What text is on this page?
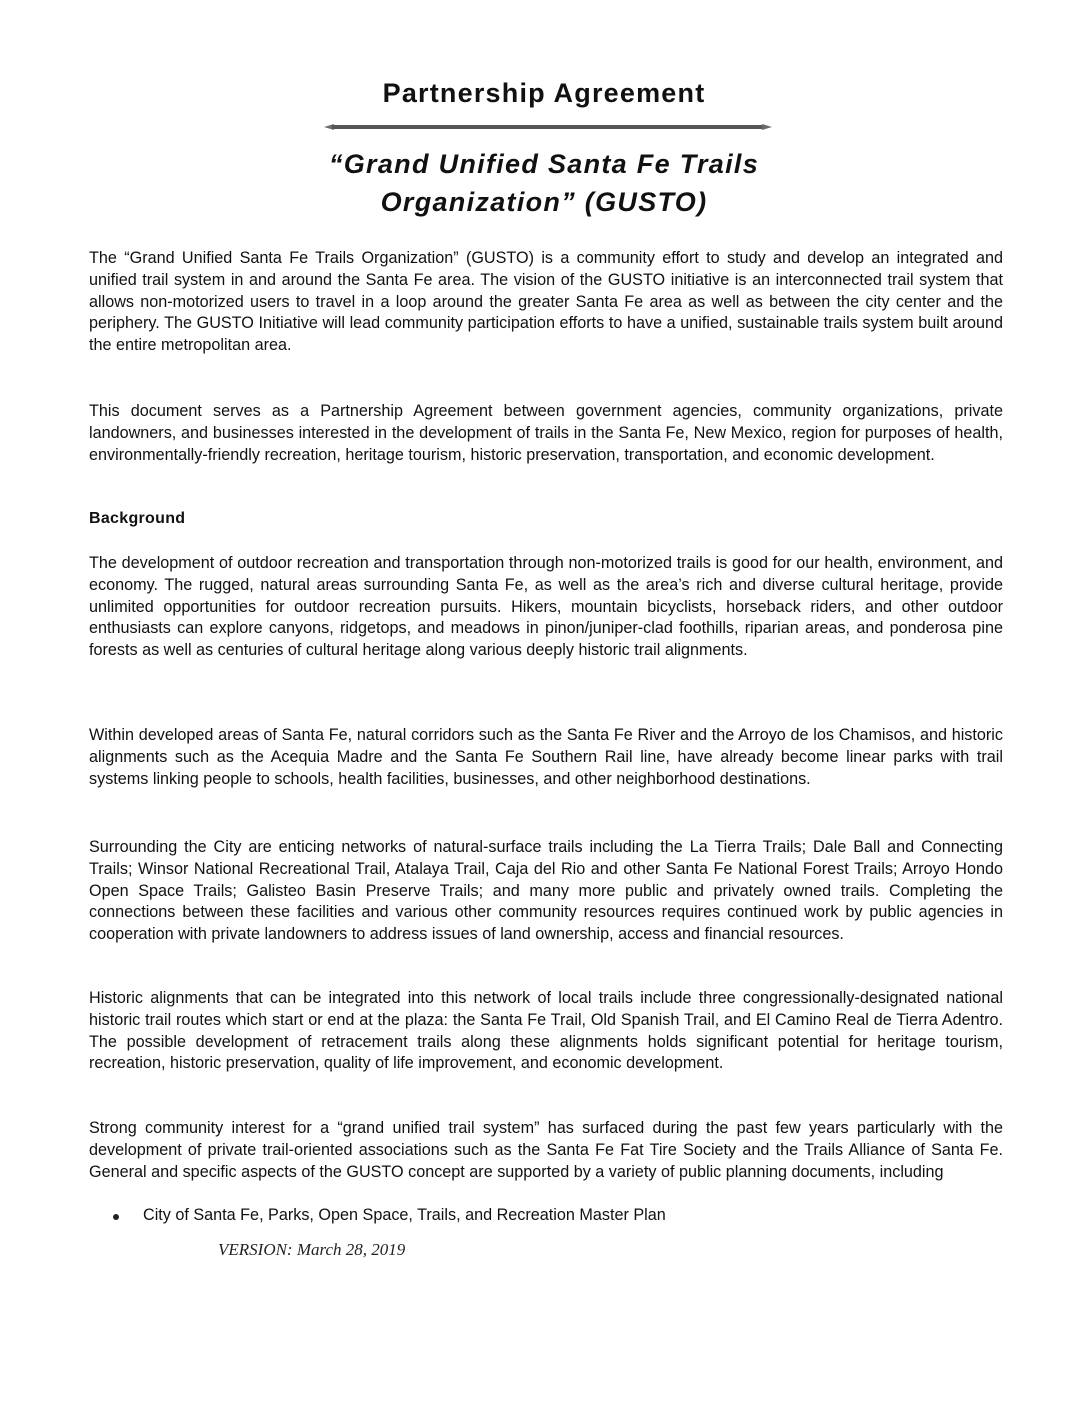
Partnership Agreement
“Grand Unified Santa Fe Trails
Organization” (GUSTO)

The “Grand Unified Santa Fe Trails Organization” (GUSTO) is a community effort to study and develop an integrated and unified trail system in and around the Santa Fe area. The vision of the GUSTO initiative is an interconnected trail system that allows non-motorized users to travel in a loop around the greater Santa Fe area as well as between the city center and the periphery. The GUSTO Initiative will lead community participation efforts to have a unified, sustainable trails system built around the entire metropolitan area.

This document serves as a Partnership Agreement between government agencies, community organizations, private landowners, and businesses interested in the development of trails in the Santa Fe, New Mexico, region for purposes of health, environmentally-friendly recreation, heritage tourism, historic preservation, transportation, and economic development.

Background

The development of outdoor recreation and transportation through non-motorized trails is good for our health, environment, and economy. The rugged, natural areas surrounding Santa Fe, as well as the area’s rich and diverse cultural heritage, provide unlimited opportunities for outdoor recreation pursuits. Hikers, mountain bicyclists, horseback riders, and other outdoor enthusiasts can explore canyons, ridgetops, and meadows in pinon/juniper-clad foothills, riparian areas, and ponderosa pine forests as well as centuries of cultural heritage along various deeply historic trail alignments.

Within developed areas of Santa Fe, natural corridors such as the Santa Fe River and the Arroyo de los Chamisos, and historic alignments such as the Acequia Madre and the Santa Fe Southern Rail line, have already become linear parks with trail systems linking people to schools, health facilities, businesses, and other neighborhood destinations.

Surrounding the City are enticing networks of natural-surface trails including the La Tierra Trails; Dale Ball and Connecting Trails; Winsor National Recreational Trail, Atalaya Trail, Caja del Rio and other Santa Fe National Forest Trails; Arroyo Hondo Open Space Trails; Galisteo Basin Preserve Trails; and many more public and privately owned trails. Completing the connections between these facilities and various other community resources requires continued work by public agencies in cooperation with private landowners to address issues of land ownership, access and financial resources.

Historic alignments that can be integrated into this network of local trails include three congressionally-designated national historic trail routes which start or end at the plaza: the Santa Fe Trail, Old Spanish Trail, and El Camino Real de Tierra Adentro. The possible development of retracement trails along these alignments holds significant potential for heritage tourism, recreation, historic preservation, quality of life improvement, and economic development.

Strong community interest for a “grand unified trail system” has surfaced during the past few years particularly with the development of private trail-oriented associations such as the Santa Fe Fat Tire Society and the Trails Alliance of Santa Fe. General and specific aspects of the GUSTO concept are supported by a variety of public planning documents, including

City of Santa Fe, Parks, Open Space, Trails, and Recreation Master Plan

VERSION: March 28, 2019
